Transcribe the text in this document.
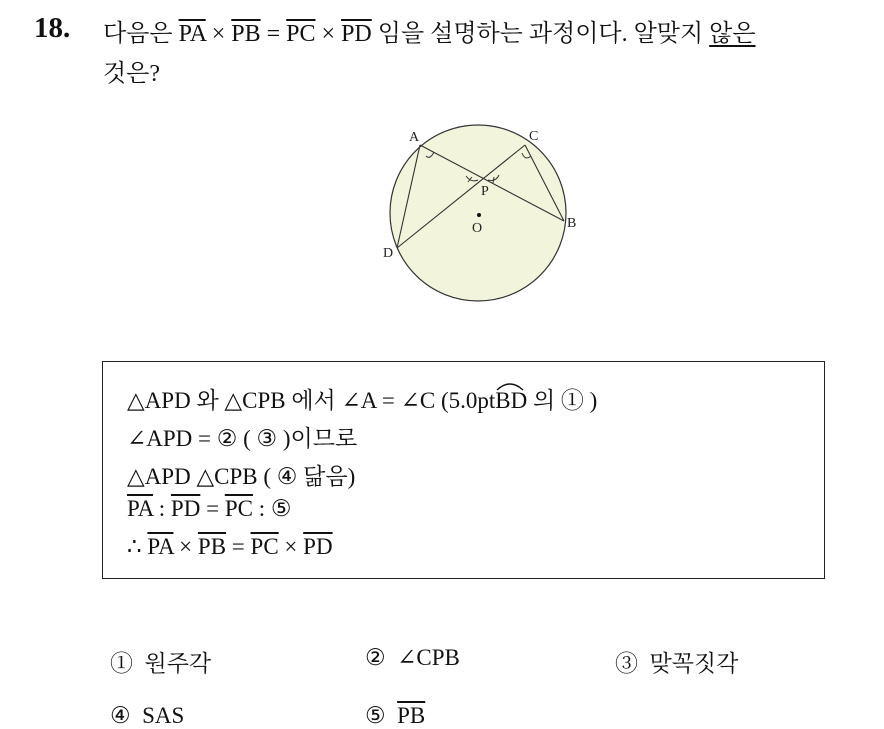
18. 다음은 $\overline{PA} \times \overline{PB} = \overline{PC} \times \overline{PD}$ 임을 설명하는 과정이다. 알맞지 않은
것은?
A	C
P
O	B
D
△APD 와 △CPB 에서 ∠A = ∠C (5.0pt
BD 의 ① )
∠APD = ② ( ③ )이므로
△APD △CPB ( ④ 닮음)
$\overline{PA}$ : $\overline{PD} = \overline{PC}$ : ⑤
∴ $\overline{PA} \times \overline{PB} = \overline{PC} \times \overline{PD}$
① 원주각	② ∠CPB	③ 맞꼭짓각
④ SAS	⑤ $\overline{PB}$
